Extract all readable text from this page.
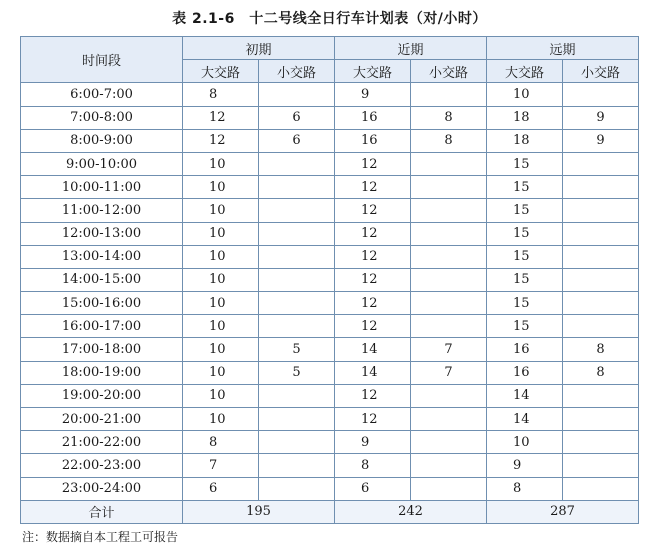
表 2.1-6　十二号线全日行车计划表（对/小时）
时间段	初期		近期		远期	
	大交路	小交路	大交路	小交路	大交路	小交路
6:00-7:00	8		9		10	
7:00-8:00	12	6	16	8	18	9
8:00-9:00	12	6	16	8	18	9
9:00-10:00	10		12		15	
10:00-11:00	10		12		15	
11:00-12:00	10		12		15	
12:00-13:00	10		12		15	
13:00-14:00	10		12		15	
14:00-15:00	10		12		15	
15:00-16:00	10		12		15	
16:00-17:00	10		12		15	
17:00-18:00	10	5	14	7	16	8
18:00-19:00	10	5	14	7	16	8
19:00-20:00	10		12		14	
20:00-21:00	10		12		14	
21:00-22:00	8		9		10	
22:00-23:00	7		8		9	
23:00-24:00	6		6		8	
合计	195		242		287	
注：数据摘自本工程工可报告
